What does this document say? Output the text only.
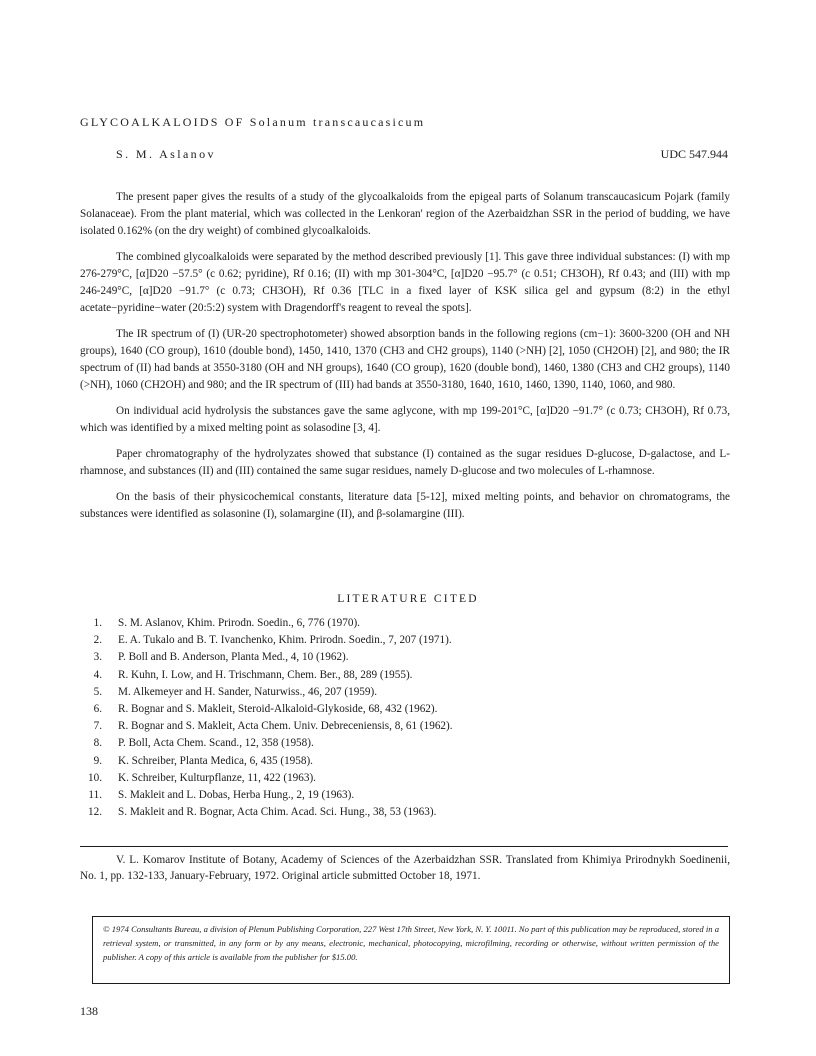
GLYCOALKALOIDS OF Solanum transcaucasicum
S. M. Aslanov	UDC 547.944

The present paper gives the results of a study of the glycoalkaloids from the epigeal parts of Solanum transcaucasicum Pojark (family Solanaceae). From the plant material, which was collected in the Lenkoran' region of the Azerbaidzhan SSR in the period of budding, we have isolated 0.162% (on the dry weight) of combined glycoalkaloids.

The combined glycoalkaloids were separated by the method described previously [1]. This gave three individual substances: (I) with mp 276-279°C, [α]D20 −57.5° (c 0.62; pyridine), Rf 0.16; (II) with mp 301-304°C, [α]D20 −95.7° (c 0.51; CH3OH), Rf 0.43; and (III) with mp 246-249°C, [α]D20 −91.7° (c 0.73; CH3OH), Rf 0.36 [TLC in a fixed layer of KSK silica gel and gypsum (8:2) in the ethyl acetate−pyridine−water (20:5:2) system with Dragendorff's reagent to reveal the spots].

The IR spectrum of (I) (UR-20 spectrophotometer) showed absorption bands in the following regions (cm−1): 3600-3200 (OH and NH groups), 1640 (CO group), 1610 (double bond), 1450, 1410, 1370 (CH3 and CH2 groups), 1140 (>NH) [2], 1050 (CH2OH) [2], and 980; the IR spectrum of (II) had bands at 3550-3180 (OH and NH groups), 1640 (CO group), 1620 (double bond), 1460, 1380 (CH3 and CH2 groups), 1140 (>NH), 1060 (CH2OH) and 980; and the IR spectrum of (III) had bands at 3550-3180, 1640, 1610, 1460, 1390, 1140, 1060, and 980.

On individual acid hydrolysis the substances gave the same aglycone, with mp 199-201°C, [α]D20 −91.7° (c 0.73; CH3OH), Rf 0.73, which was identified by a mixed melting point as solasodine [3, 4].

Paper chromatography of the hydrolyzates showed that substance (I) contained as the sugar residues D-glucose, D-galactose, and L-rhamnose, and substances (II) and (III) contained the same sugar residues, namely D-glucose and two molecules of L-rhamnose.

On the basis of their physicochemical constants, literature data [5-12], mixed melting points, and behavior on chromatograms, the substances were identified as solasonine (I), solamargine (II), and β-solamargine (III).

LITERATURE CITED
1. S. M. Aslanov, Khim. Prirodn. Soedin., 6, 776 (1970).
2. E. A. Tukalo and B. T. Ivanchenko, Khim. Prirodn. Soedin., 7, 207 (1971).
3. P. Boll and B. Anderson, Planta Med., 4, 10 (1962).
4. R. Kuhn, I. Low, and H. Trischmann, Chem. Ber., 88, 289 (1955).
5. M. Alkemeyer and H. Sander, Naturwiss., 46, 207 (1959).
6. R. Bognar and S. Makleit, Steroid-Alkaloid-Glykoside, 68, 432 (1962).
7. R. Bognar and S. Makleit, Acta Chem. Univ. Debreceniensis, 8, 61 (1962).
8. P. Boll, Acta Chem. Scand., 12, 358 (1958).
9. K. Schreiber, Planta Medica, 6, 435 (1958).
10. K. Schreiber, Kulturpflanze, 11, 422 (1963).
11. S. Makleit and L. Dobas, Herba Hung., 2, 19 (1963).
12. S. Makleit and R. Bognar, Acta Chim. Acad. Sci. Hung., 38, 53 (1963).
V. L. Komarov Institute of Botany, Academy of Sciences of the Azerbaidzhan SSR. Translated from Khimiya Prirodnykh Soedinenii, No. 1, pp. 132-133, January-February, 1972. Original article submitted October 18, 1971.
© 1974 Consultants Bureau, a division of Plenum Publishing Corporation, 227 West 17th Street, New York, N. Y. 10011. No part of this publication may be reproduced, stored in a retrieval system, or transmitted, in any form or by any means, electronic, mechanical, photocopying, microfilming, recording or otherwise, without written permission of the publisher. A copy of this article is available from the publisher for $15.00.
138
